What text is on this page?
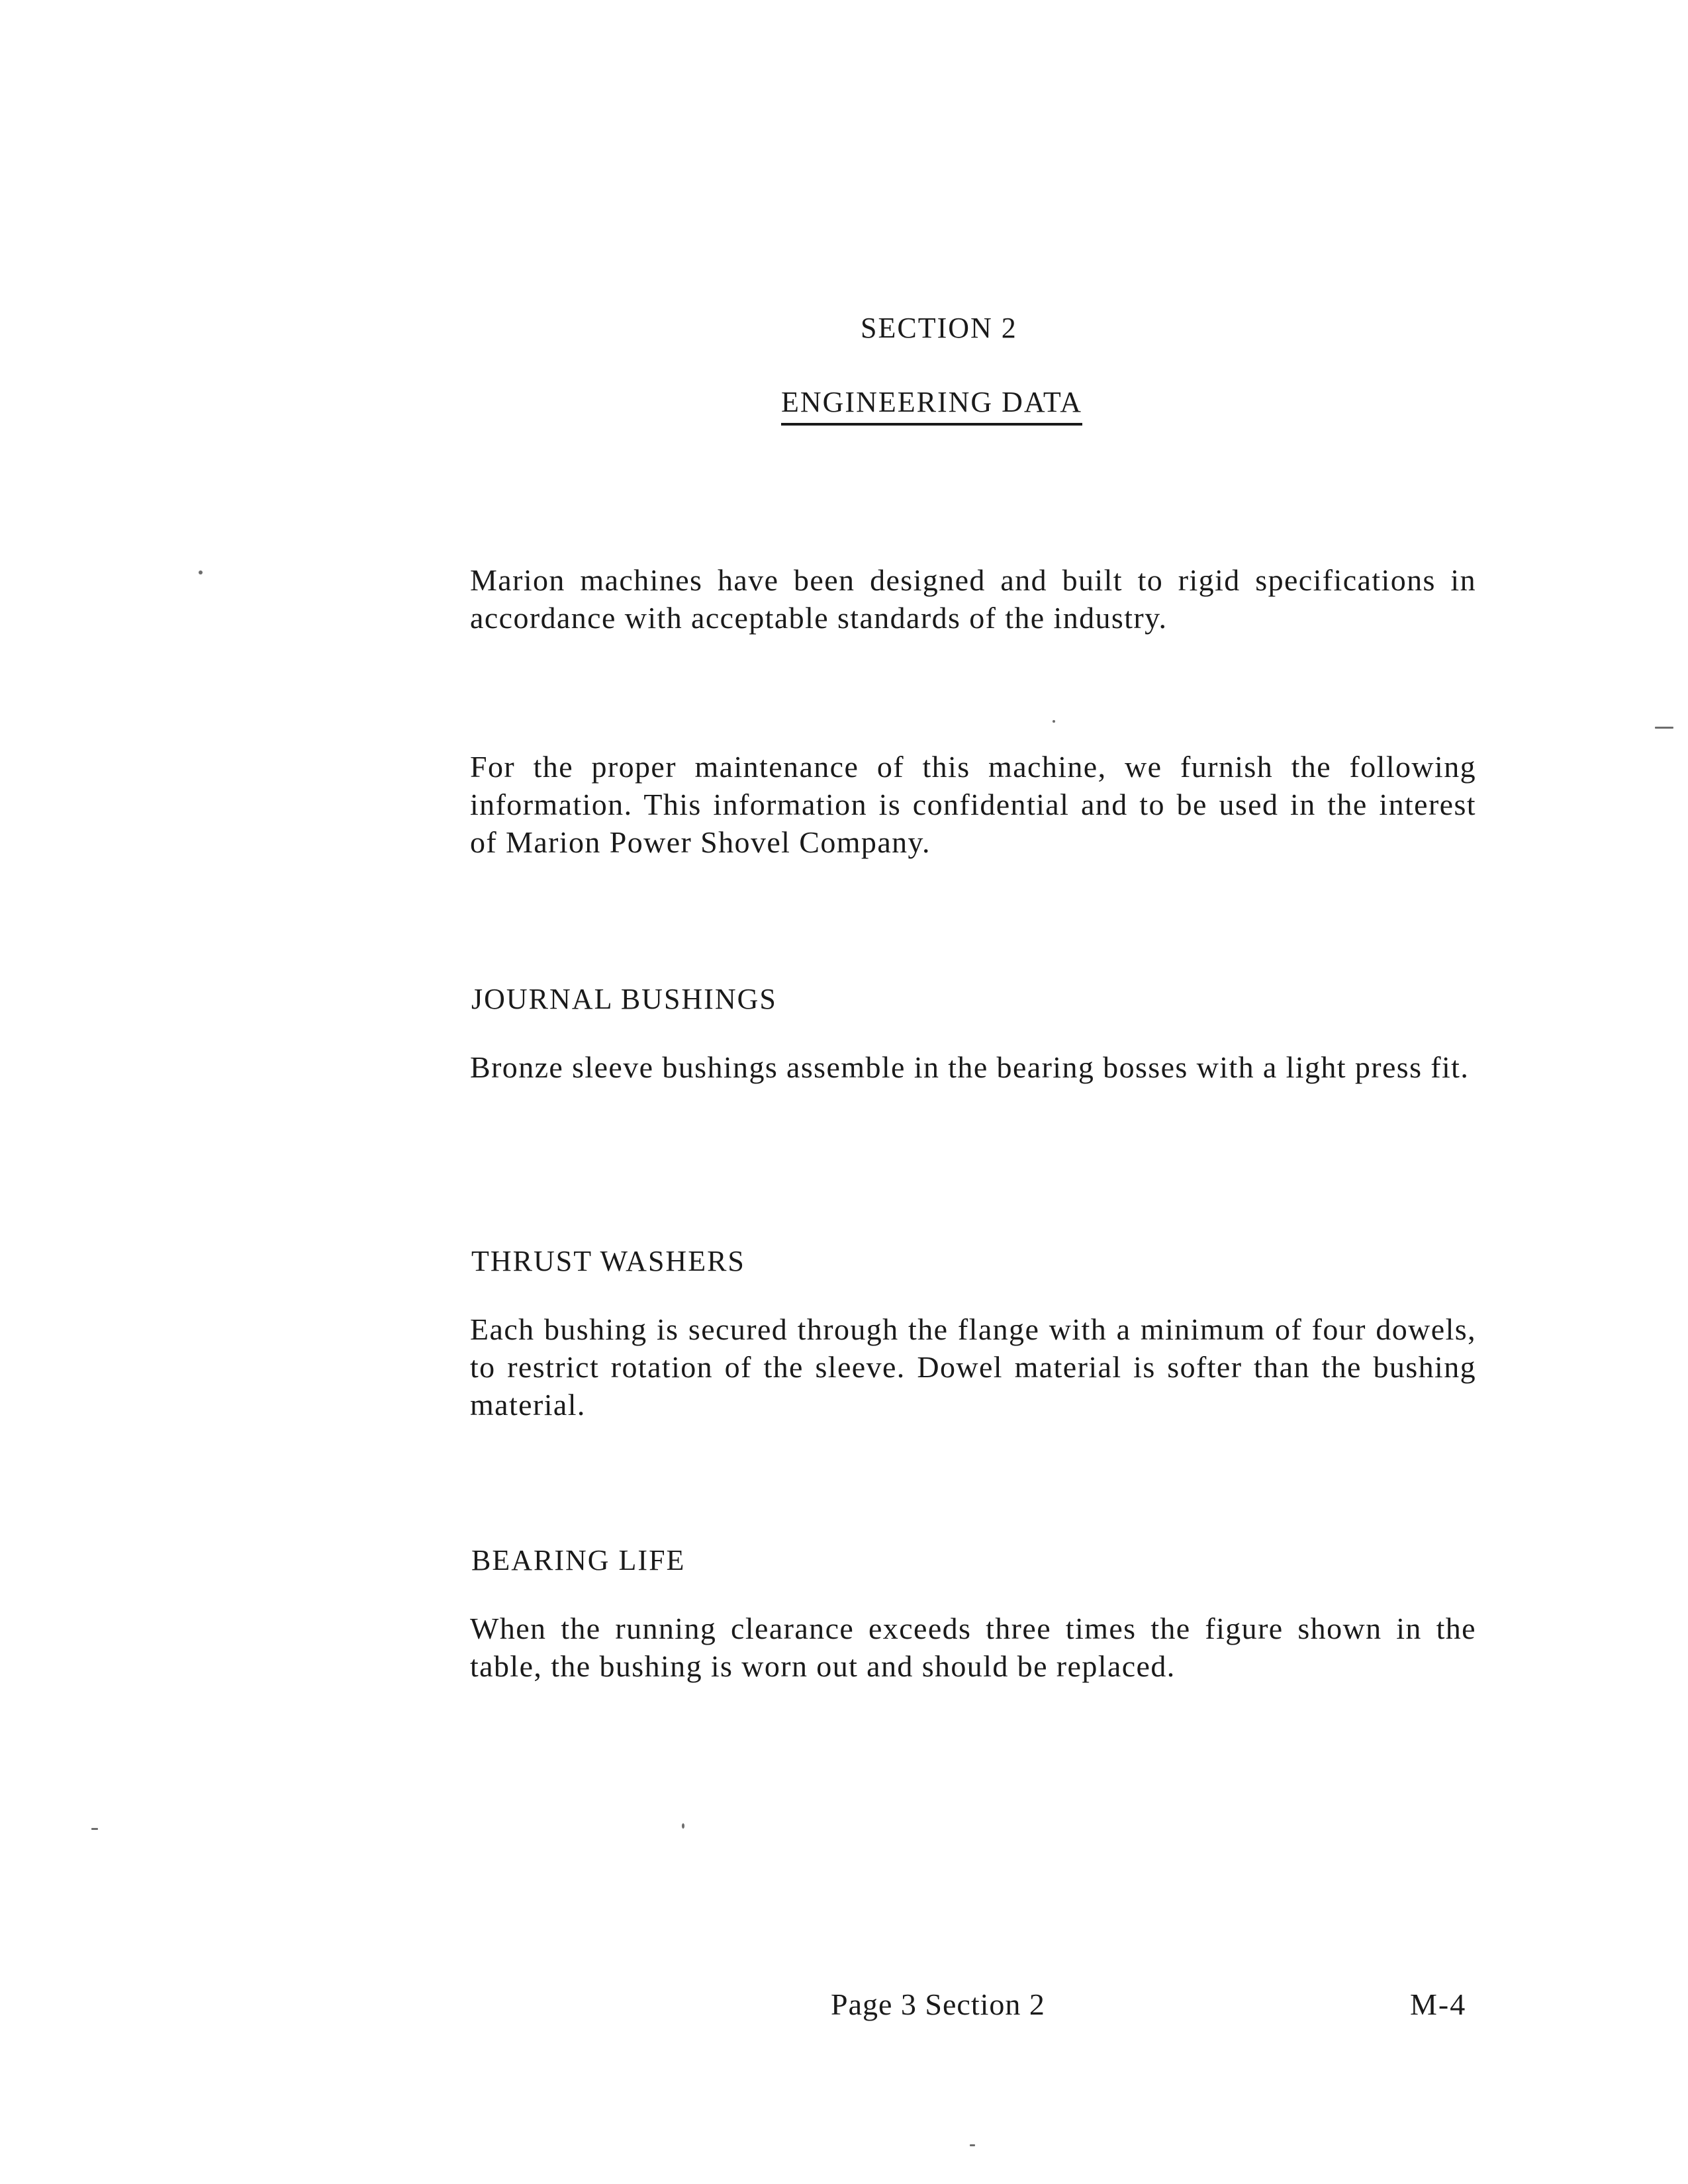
SECTION 2
ENGINEERING DATA

Marion machines have been designed and built to rigid specifications in accordance with acceptable standards of the industry.

For the proper maintenance of this machine, we furnish the following information. This information is confidential and to be used in the interest of Marion Power Shovel Company.

JOURNAL BUSHINGS

Bronze sleeve bushings assemble in the bearing bosses with a light press fit.

THRUST WASHERS

Each bushing is secured through the flange with a minimum of four dowels, to restrict rotation of the sleeve. Dowel material is softer than the bushing material.

BEARING LIFE

When the running clearance exceeds three times the figure shown in the table, the bushing is worn out and should be replaced.

Page 3 Section 2	M-4
